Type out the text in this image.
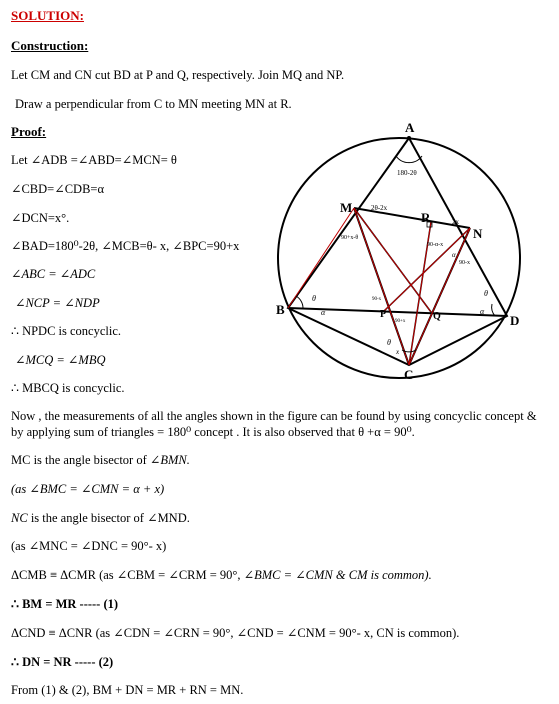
SOLUTION:
Construction:
Let CM and CN cut BD at P and Q, respectively. Join MQ and NP.
Draw a perpendicular from C to MN meeting MN at R.
Proof:
Let ∠ADB =∠ABD=∠MCN= θ
∠CBD=∠CDB=α
∠DCN=x°.
∠BAD=180⁰-2θ, ∠MCB=θ- x, ∠BPC=90+x
∠ABC = ∠ADC
∠NCP = ∠NDP
∴ NPDC is concyclic.
∠MCQ = ∠MBQ
∴ MBCQ is concyclic.
Now , the measurements of all the angles shown in the figure can be found by using concyclic concept & by applying sum of triangles = 180⁰ concept . It is also observed that θ +α = 90⁰.
MC is the angle bisector of ∠BMN.
(as ∠BMC = ∠CMN = α + x)
NC is the angle bisector of ∠MND.
(as ∠MNC = ∠DNC = 90°- x)
ΔCMB ≡ ΔCMR (as ∠CBM = ∠CRM = 90°, ∠BMC = ∠CMN & CM is common).
∴ BM = MR ----- (1)
ΔCND ≡ ΔCNR (as ∠CDN = ∠CRN = 90°, ∠CND = ∠CNM = 90°- x, CN is common).
∴ DN = NR ----- (2)
From (1) & (2), BM + DN = MR + RN = MN.
A
B
C
D
M
N
P	Q
R
180-2θ
2θ-2x
90+x-θ
2x
90-α-x
α
90-x
θ
α
θ
α
θ
x
90+x
90-x
